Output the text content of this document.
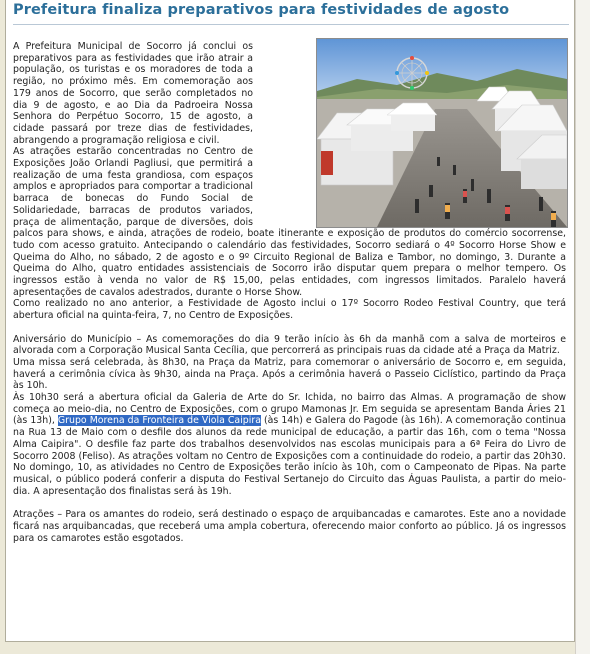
Prefeitura finaliza preparativos para festividades de agosto

A Prefeitura Municipal de Socorro já conclui os preparativos para as festividades que irão atrair a população, os turistas e os moradores de toda a região, no próximo mês. Em comemoração aos 179 anos de Socorro, que serão completados no dia 9 de agosto, e ao Dia da Padroeira Nossa Senhora do Perpétuo Socorro, 15 de agosto, a cidade passará por treze dias de festividades, abrangendo a programação religiosa e civil.

As atrações estarão concentradas no Centro de Exposições João Orlandi Pagliusi, que permitirá a realização de uma festa grandiosa, com espaços amplos e apropriados para comportar a tradicional barraca de bonecas do Fundo Social de Solidariedade, barracas de produtos variados, praça de alimentação, parque de diversões, dois palcos para shows, e ainda, atrações de rodeio, boate itinerante e exposição de produtos do comércio socorrense, tudo com acesso gratuito. Antecipando o calendário das festividades, Socorro sediará o 4º Socorro Horse Show e Queima do Alho, no sábado, 2 de agosto e o 9º Circuito Regional de Baliza e Tambor, no domingo, 3. Durante a Queima do Alho, quatro entidades assistenciais de Socorro irão disputar quem prepara o melhor tempero. Os ingressos estão à venda no valor de R$ 15,00, pelas entidades, com ingressos limitados. Paralelo haverá apresentações de cavalos adestrados, durante o Horse Show.

Como realizado no ano anterior, a Festividade de Agosto inclui o 17º Socorro Rodeo Festival Country, que terá abertura oficial na quinta-feira, 7, no Centro de Exposições.

Aniversário do Município – As comemorações do dia 9 terão início às 6h da manhã com a salva de morteiros e alvorada com a Corporação Musical Santa Cecília, que percorrerá as principais ruas da cidade até a Praça da Matriz.

Uma missa será celebrada, às 8h30, na Praça da Matriz, para comemorar o aniversário de Socorro e, em seguida, haverá a cerimônia cívica às 9h30, ainda na Praça. Após a cerimônia haverá o Passeio Ciclístico, partindo da Praça às 10h.

Às 10h30 será a abertura oficial da Galeria de Arte do Sr. Ichida, no bairro das Almas. A programação de show começa ao meio-dia, no Centro de Exposições, com o grupo Mamonas Jr. Em seguida se apresentam Banda Áries 21 (às 13h), Grupo Morena da Fronteira de Viola Caipira (às 14h) e Galera do Pagode (às 16h). A comemoração continua na Rua 13 de Maio com o desfile dos alunos da rede municipal de educação, a partir das 16h, com o tema "Nossa Alma Caipira". O desfile faz parte dos trabalhos desenvolvidos nas escolas municipais para a 6ª Feira do Livro de Socorro 2008 (Feliso). As atrações voltam no Centro de Exposições com a continuidade do rodeio, a partir das 20h30.

No domingo, 10, as atividades no Centro de Exposições terão início às 10h, com o Campeonato de Pipas. Na parte musical, o público poderá conferir a disputa do Festival Sertanejo do Circuito das Águas Paulista, a partir do meio-dia. A apresentação dos finalistas será às 19h.

Atrações – Para os amantes do rodeio, será destinado o espaço de arquibancadas e camarotes. Este ano a novidade ficará nas arquibancadas, que receberá uma ampla cobertura, oferecendo maior conforto ao público. Já os ingressos para os camarotes estão esgotados.
